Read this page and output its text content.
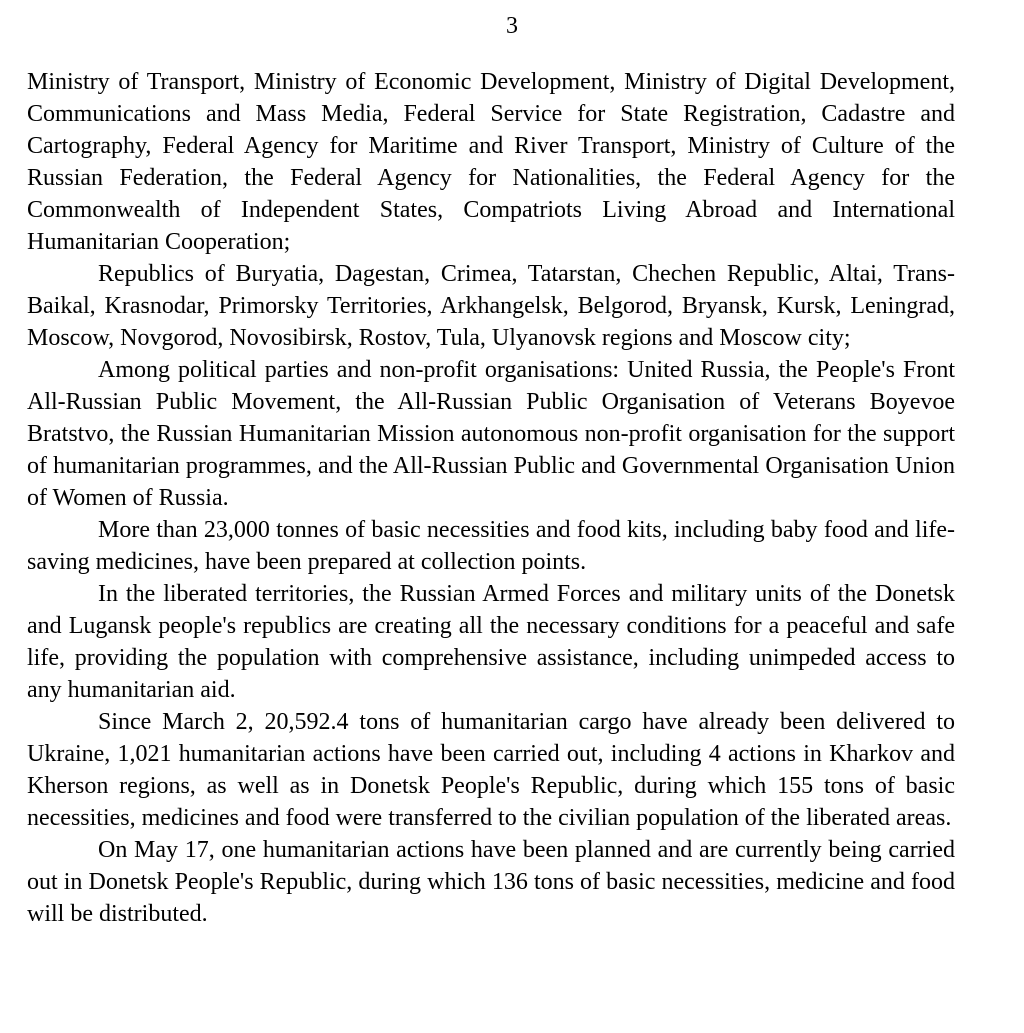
3

Ministry of Transport, Ministry of Economic Development, Ministry of Digital Development, Communications and Mass Media, Federal Service for State Registration, Cadastre and Cartography, Federal Agency for Maritime and River Transport, Ministry of Culture of the Russian Federation, the Federal Agency for Nationalities, the Federal Agency for the Commonwealth of Independent States, Compatriots Living Abroad and International Humanitarian Cooperation;

Republics of Buryatia, Dagestan, Crimea, Tatarstan, Chechen Republic, Altai, Trans-Baikal, Krasnodar, Primorsky Territories, Arkhangelsk, Belgorod, Bryansk, Kursk, Leningrad, Moscow, Novgorod, Novosibirsk, Rostov, Tula, Ulyanovsk regions and Moscow city;

Among political parties and non-profit organisations: United Russia, the People's Front All-Russian Public Movement, the All-Russian Public Organisation of Veterans Boyevoe Bratstvo, the Russian Humanitarian Mission autonomous non-profit organisation for the support of humanitarian programmes, and the All-Russian Public and Governmental Organisation Union of Women of Russia.

More than 23,000 tonnes of basic necessities and food kits, including baby food and life-saving medicines, have been prepared at collection points.

In the liberated territories, the Russian Armed Forces and military units of the Donetsk and Lugansk people's republics are creating all the necessary conditions for a peaceful and safe life, providing the population with comprehensive assistance, including unimpeded access to any humanitarian aid.

Since March 2, 20,592.4 tons of humanitarian cargo have already been delivered to Ukraine, 1,021 humanitarian actions have been carried out, including 4 actions in Kharkov and Kherson regions, as well as in Donetsk People's Republic, during which 155 tons of basic necessities, medicines and food were transferred to the civilian population of the liberated areas.

On May 17, one humanitarian actions have been planned and are currently being carried out in Donetsk People's Republic, during which 136 tons of basic necessities, medicine and food will be distributed.
